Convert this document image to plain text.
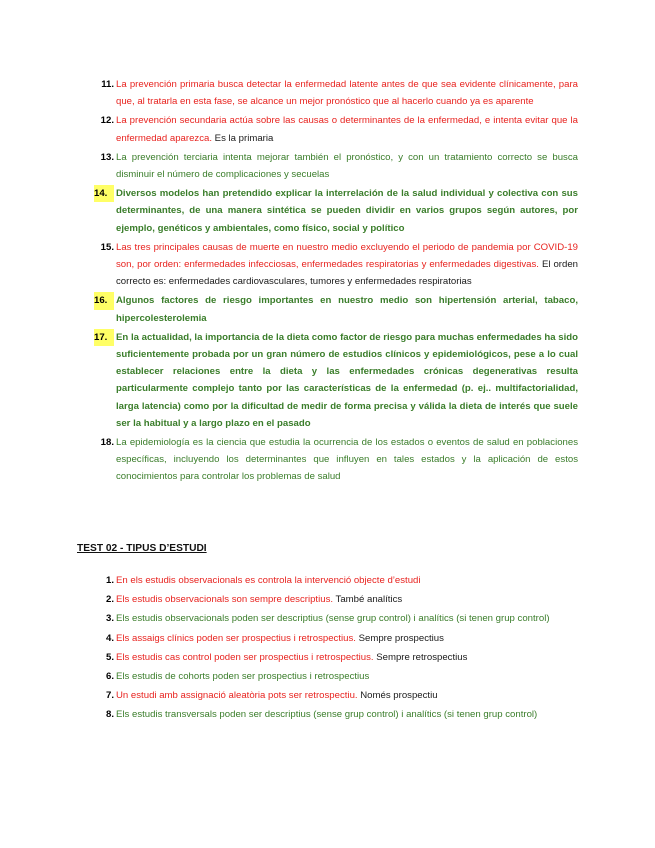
11. La prevención primaria busca detectar la enfermedad latente antes de que sea evidente clínicamente, para que, al tratarla en esta fase, se alcance un mejor pronóstico que al hacerlo cuando ya es aparente
12. La prevención secundaria actúa sobre las causas o determinantes de la enfermedad, e intenta evitar que la enfermedad aparezca. Es la primaria
13. La prevención terciaria intenta mejorar también el pronóstico, y con un tratamiento correcto se busca disminuir el número de complicaciones y secuelas
14. Diversos modelos han pretendido explicar la interrelación de la salud individual y colectiva con sus determinantes, de una manera sintética se pueden dividir en varios grupos según autores, por ejemplo, genéticos y ambientales, como físico, social y político
15. Las tres principales causas de muerte en nuestro medio excluyendo el periodo de pandemia por COVID-19 son, por orden: enfermedades infecciosas, enfermedades respiratorias y enfermedades digestivas. El orden correcto es: enfermedades cardiovasculares, tumores y enfermedades respiratorias
16. Algunos factores de riesgo importantes en nuestro medio son hipertensión arterial, tabaco, hipercolesterolemia
17. En la actualidad, la importancia de la dieta como factor de riesgo para muchas enfermedades ha sido suficientemente probada por un gran número de estudios clínicos y epidemiológicos, pese a lo cual establecer relaciones entre la dieta y las enfermedades crónicas degenerativas resulta particularmente complejo tanto por las características de la enfermedad (p. ej.. multifactorialidad, larga latencia) como por la dificultad de medir de forma precisa y válida la dieta de interés que suele ser la habitual y a largo plazo en el pasado
18. La epidemiología es la ciencia que estudia la ocurrencia de los estados o eventos de salud en poblaciones específicas, incluyendo los determinantes que influyen en tales estados y la aplicación de estos conocimientos para controlar los problemas de salud
TEST 02 - TIPUS D’ESTUDI
1. En els estudis observacionals es controla la intervenció objecte d’estudi
2. Els estudis observacionals son sempre descriptius. També analítics
3. Els estudis observacionals poden ser descriptius (sense grup control) i analítics (si tenen grup control)
4. Els assaigs clínics poden ser prospectius i retrospectius. Sempre prospectius
5. Els estudis cas control poden ser prospectius i retrospectius. Sempre retrospectius
6. Els estudis de cohorts poden ser prospectius i retrospectius
7. Un estudi amb assignació aleatòria pots ser retrospectiu. Només prospectiu
8. Els estudis transversals poden ser descriptius (sense grup control) i analítics (si tenen grup control)
